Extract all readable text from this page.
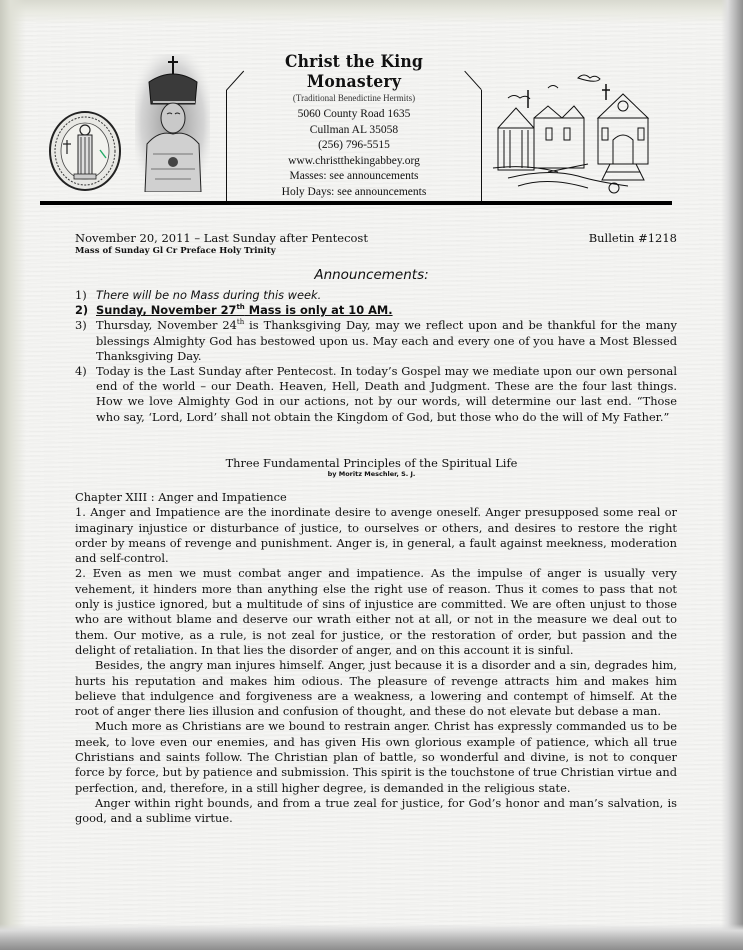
Christ the King Monastery
(Traditional Benedictine Hermits)
5060 County Road 1635
Cullman AL 35058
(256) 796-5515
www.christthekingabbey.org
Masses: see announcements
Holy Days: see announcements
November 20, 2011 – Last Sunday after Pentecost	Bulletin #1218
Mass of Sunday Gl Cr Preface Holy Trinity
Announcements:
1) There will be no Mass during this week.
2) Sunday, November 27th Mass is only at 10 AM.
3) Thursday, November 24th is Thanksgiving Day, may we reflect upon and be thankful for the many blessings Almighty God has bestowed upon us. May each and every one of you have a Most Blessed Thanksgiving Day.
4) Today is the Last Sunday after Pentecost. In today’s Gospel may we mediate upon our own personal end of the world – our Death. Heaven, Hell, Death and Judgment. These are the four last things. How we love Almighty God in our actions, not by our words, will determine our last end. “Those who say, ‘Lord, Lord’ shall not obtain the Kingdom of God, but those who do the will of My Father.”
Three Fundamental Principles of the Spiritual Life
by Moritz Meschler, S. J.

Chapter XIII : Anger and Impatience

1. Anger and Impatience are the inordinate desire to avenge oneself. Anger presupposed some real or imaginary injustice or disturbance of justice, to ourselves or others, and desires to restore the right order by means of revenge and punishment. Anger is, in general, a fault against meekness, moderation and self-control.

2. Even as men we must combat anger and impatience. As the impulse of anger is usually very vehement, it hinders more than anything else the right use of reason. Thus it comes to pass that not only is justice ignored, but a multitude of sins of injustice are committed. We are often unjust to those who are without blame and deserve our wrath either not at all, or not in the measure we deal out to them. Our motive, as a rule, is not zeal for justice, or the restoration of order, but passion and the delight of retaliation. In that lies the disorder of anger, and on this account it is sinful.

Besides, the angry man injures himself. Anger, just because it is a disorder and a sin, degrades him, hurts his reputation and makes him odious. The pleasure of revenge attracts him and makes him believe that indulgence and forgiveness are a weakness, a lowering and contempt of himself. At the root of anger there lies illusion and confusion of thought, and these do not elevate but debase a man.

Much more as Christians are we bound to restrain anger. Christ has expressly commanded us to be meek, to love even our enemies, and has given His own glorious example of patience, which all true Christians and saints follow. The Christian plan of battle, so wonderful and divine, is not to conquer force by force, but by patience and submission. This spirit is the touchstone of true Christian virtue and perfection, and, therefore, in a still higher degree, is demanded in the religious state.

Anger within right bounds, and from a true zeal for justice, for God’s honor and man’s salvation, is good, and a sublime virtue.
